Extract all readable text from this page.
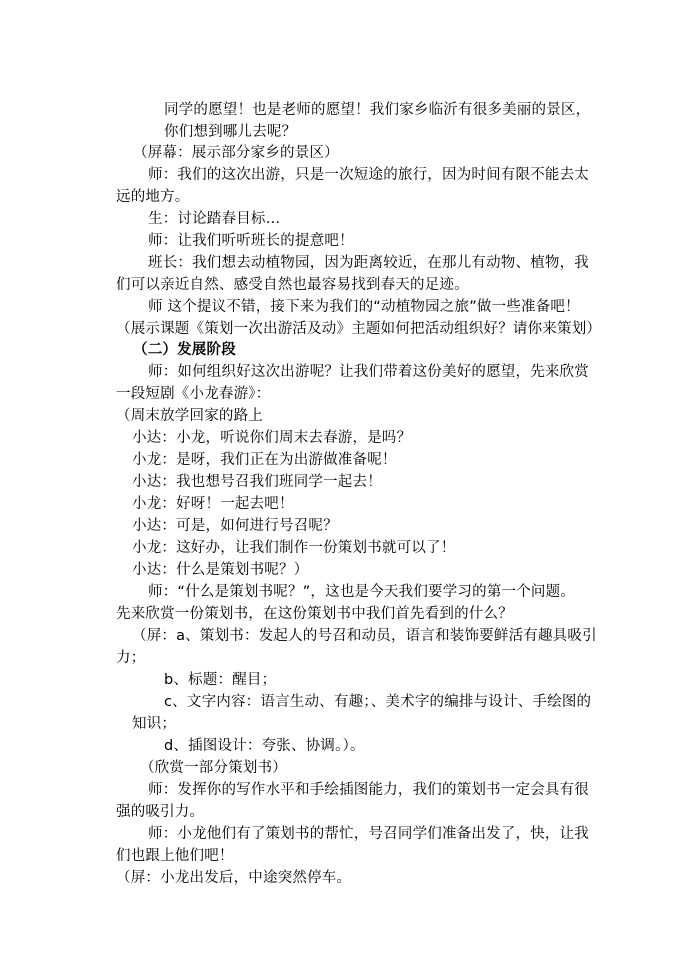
同学的愿望！也是老师的愿望！我们家乡临沂有很多美丽的景区，
你们想到哪儿去呢？
（屏幕：展示部分家乡的景区）
师：我们的这次出游，只是一次短途的旅行，因为时间有限不能去太
远的地方。
生：讨论踏春目标…
师：让我们听听班长的提意吧！
班长：我们想去动植物园，因为距离较近，在那儿有动物、植物，我
们可以亲近自然、感受自然也最容易找到春天的足迹。
师 这个提议不错，接下来为我们的“动植物园之旅”做一些准备吧！
（展示课题《策划一次出游活及动》主题如何把活动组织好？请你来策划）
（二）发展阶段
师：如何组织好这次出游呢？让我们带着这份美好的愿望，先来欣赏
一段短剧《小龙春游》：
（周末放学回家的路上
小达：小龙，听说你们周末去春游，是吗？
小龙：是呀，我们正在为出游做准备呢！
小达：我也想号召我们班同学一起去！
小龙：好呀！一起去吧！
小达：可是，如何进行号召呢？
小龙：这好办，让我们制作一份策划书就可以了！
小达：什么是策划书呢？）
师：“什么是策划书呢？”，这也是今天我们要学习的第一个问题。
先来欣赏一份策划书，在这份策划书中我们首先看到的什么？
（屏：a、策划书：发起人的号召和动员，语言和装饰要鲜活有趣具吸引
力；
b、标题：醒目；
c、文字内容：语言生动、有趣；、美术字的编排与设计、手绘图的
知识；
d、插图设计：夸张、协调。）。
（欣赏一部分策划书）
师：发挥你的写作水平和手绘插图能力，我们的策划书一定会具有很
强的吸引力。
师：小龙他们有了策划书的帮忙，号召同学们准备出发了，快，让我
们也跟上他们吧！
（屏：小龙出发后，中途突然停车。
